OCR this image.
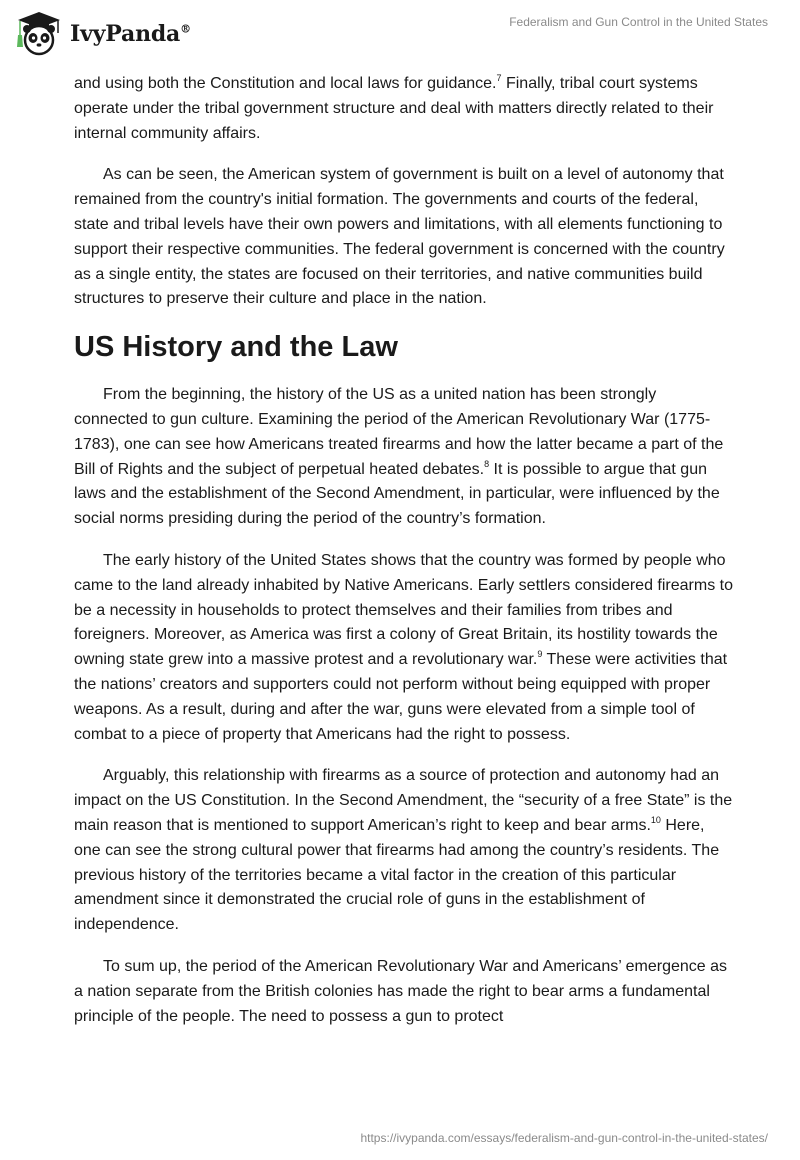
IvyPanda®
Federalism and Gun Control in the United States

and using both the Constitution and local laws for guidance.$^7$ Finally, tribal court systems operate under the tribal government structure and deal with matters directly related to their internal community affairs.

As can be seen, the American system of government is built on a level of autonomy that remained from the country's initial formation. The governments and courts of the federal, state and tribal levels have their own powers and limitations, with all elements functioning to support their respective communities. The federal government is concerned with the country as a single entity, the states are focused on their territories, and native communities build structures to preserve their culture and place in the nation.

US History and the Law

From the beginning, the history of the US as a united nation has been strongly connected to gun culture. Examining the period of the American Revolutionary War (1775-1783), one can see how Americans treated firearms and how the latter became a part of the Bill of Rights and the subject of perpetual heated debates.$^8$ It is possible to argue that gun laws and the establishment of the Second Amendment, in particular, were influenced by the social norms presiding during the period of the country’s formation.

The early history of the United States shows that the country was formed by people who came to the land already inhabited by Native Americans. Early settlers considered firearms to be a necessity in households to protect themselves and their families from tribes and foreigners. Moreover, as America was first a colony of Great Britain, its hostility towards the owning state grew into a massive protest and a revolutionary war.$^9$ These were activities that the nations’ creators and supporters could not perform without being equipped with proper weapons. As a result, during and after the war, guns were elevated from a simple tool of combat to a piece of property that Americans had the right to possess.

Arguably, this relationship with firearms as a source of protection and autonomy had an impact on the US Constitution. In the Second Amendment, the “security of a free State” is the main reason that is mentioned to support American’s right to keep and bear arms.$^{10}$ Here, one can see the strong cultural power that firearms had among the country’s residents. The previous history of the territories became a vital factor in the creation of this particular amendment since it demonstrated the crucial role of guns in the establishment of independence.

To sum up, the period of the American Revolutionary War and Americans’ emergence as a nation separate from the British colonies has made the right to bear arms a fundamental principle of the people. The need to possess a gun to protect

https://ivypanda.com/essays/federalism-and-gun-control-in-the-united-states/
